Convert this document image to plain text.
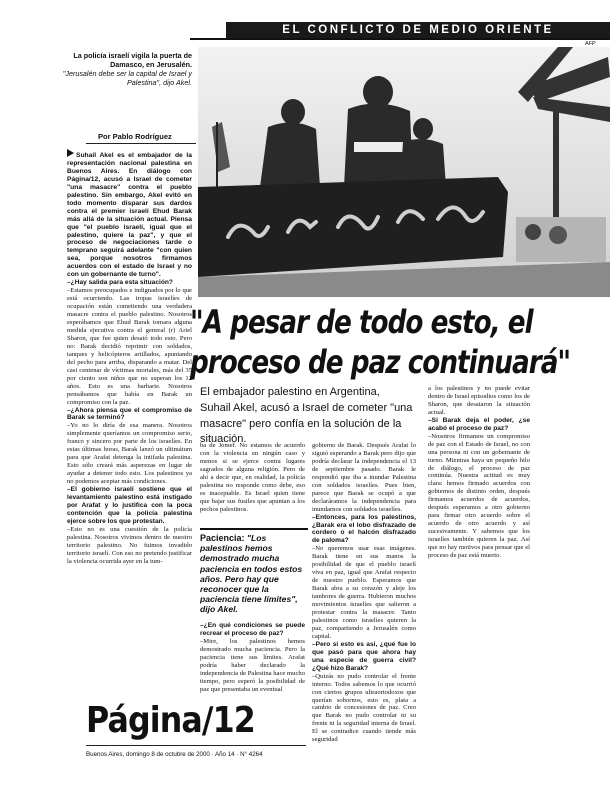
EL CONFLICTO DE MEDIO ORIENTE
La policía israelí vigila la puerta de Damasco, en Jerusalén.
"Jerusalén debe ser la capital de Israel y Palestina", dijo Akel.
AFP
Por Pablo Rodríguez

Suhail Akel es el embajador de la representación nacional palestina en Buenos Aires. En diálogo con Página/12, acusó a Israel de cometer "una masacre" contra el pueblo palestino. Sin embargo, Akel evitó en todo momento disparar sus dardos contra el premier israelí Ehud Barak más allá de la situación actual. Piensa que "el pueblo israelí, igual que el palestino, quiere la paz", y que el proceso de negociaciones tarde o temprano seguirá adelante "con quien sea, porque nosotros firmamos acuerdos con el estado de Israel y no con un gobernante de turno".

–¿Hay salida para esta situación?

–Estamos preocupados e indignados por lo que está ocurriendo. Las tropas israelíes de ocupación están cometiendo una verdadera masacre contra el pueblo palestino. Nosotros esperábamos que Ehud Barak tomara alguna medida ejecutiva contra el general (r) Ariel Sharon, que fue quien desató todo esto. Pero no: Barak decidió reprimir con soldados, tanques y helicópteros artillados, apuntando del pecho para arriba, disparando a matar. Del casi centenar de víctimas mortales, más del 35 por ciento son niños que no superan los 12 años. Esto es una barbarie. Nosotros pensábamos que había en Barak un compromiso con la paz.

–¿Ahora piensa que el compromiso de Barak se terminó?

–Yo no lo diría de esa manera. Nosotros simplemente queríamos un compromiso serio, franco y sincero por parte de los israelíes. En estas últimas horas, Barak lanzó un ultimátum para que Arafat detenga la intifada palestina. Esto sólo creará más asperezas en lugar de ayudar a detener todo esto. Los palestinos ya no podemos aceptar más condiciones.

–El gobierno israelí sostiene que el levantamiento palestino está instigado por Arafat y lo justifica con la poca contención que la policía palestina ejerce sobre los que protestan.

–Esto no es una cuestión de la policía palestina. Nosotros vivimos dentro de nuestro territorio palestino. No fuimos invadido territorio israelí. Con eso no pretendo justificar la violencia ocurrida ayer en la tum-

"A pesar de todo esto, el
proceso de paz continuará"
El embajador palestino en Argentina, Suhail Akel, acusó a Israel de cometer "una masacre" pero confía en la solución de la situación.

ba de Jomeř. No estamos de acuerdo con la violencia en ningún caso y menos si se ejerce contra lugares sagrados de alguna religión. Pero de ahí a decir que, en realidad, la policía palestina no responde como debe, eso es inaceptable. Es Israel quien tiene que bajar sus fusiles que apuntan a los pechos palestinos.

Paciencia: "Los palestinos hemos demostrado mucha paciencia en todos estos años. Pero hay que reconocer que la paciencia tiene límites", dijo Akel.

–¿En qué condiciones se puede recrear el proceso de paz?

–Mire, los palestinos hemos demostrado mucha paciencia. Pero la paciencia tiene sus límites. Arafat podría haber declarado la independencia de Palestina hace mucho tiempo, pero esperó la posibilidad de paz que presentaba un eventual

gobierno de Barak. Después Arafat lo siguió esperando a Barak pero dijo que podría declarar la independencia el 13 de septiembre pasado. Barak le respondió que iba a inundar Palestina con soldados israelíes. Pues bien, parece que Barak se ocupó a que declaráramos la independencia para inundarnos con soldados israelíes.

–Entonces, para los palestinos, ¿Barak era el lobo disfrazado de cordero o el halcón disfrazado de paloma?

–No queremos usar esas imágenes. Barak tiene en sus manos la posibilidad de que el pueblo israelí viva en paz, igual que Arafat respecto de nuestro pueblo. Esperamos que Barak abra a su corazón y aleje los tambores de guerra. Hubieron muchos movimientos israelíes que salieron a protestar contra la masacre. Tanto palestinos como israelíes quieren la paz, compartiendo a Jerusalén como capital.

–Pero si esto es así, ¿qué fue lo que pasó para que ahora hay una especie de guerra civil? ¿Qué hizo Barak?

–Quizás no pudo controlar el frente interno. Todos sabemos lo que ocurrió con ciertos grupos ultraortodoxos que querían sobornos, esto es, plata a cambio de concesiones de paz. Creo que Barak no pudo controlar ni su frente ni la seguridad interna de Israel. El se contradice cuando tiende más seguridad

a los palestinos y no puede evitar dentro de Israel episodios como los de Sharon, que desataron la situación actual.

–Si Barak deja el poder, ¿se acabó el proceso de paz?

–Nosotros firmamos un compromiso de paz con el Estado de Israel, no con una persona ni con un gobernante de turno. Mientras haya un pequeño hilo de diálogo, el proceso de paz continúa. Nuestra actitud es muy clara: hemos firmado acuerdos con gobiernos de distinto orden, después firmamos acuerdos de acuerdos, después esperamos a otro gobierno para firmar otro acuerdo sobre el acuerdo de otro acuerdo y así sucesivamente. Y sabemos que los israelíes también quieren la paz. Así que no hay motivos para pensar que el proceso de paz está muerto.

Página/12
Buenos Aires, domingo 8 de octubre de 2000 · Año 14 · N° 4264
